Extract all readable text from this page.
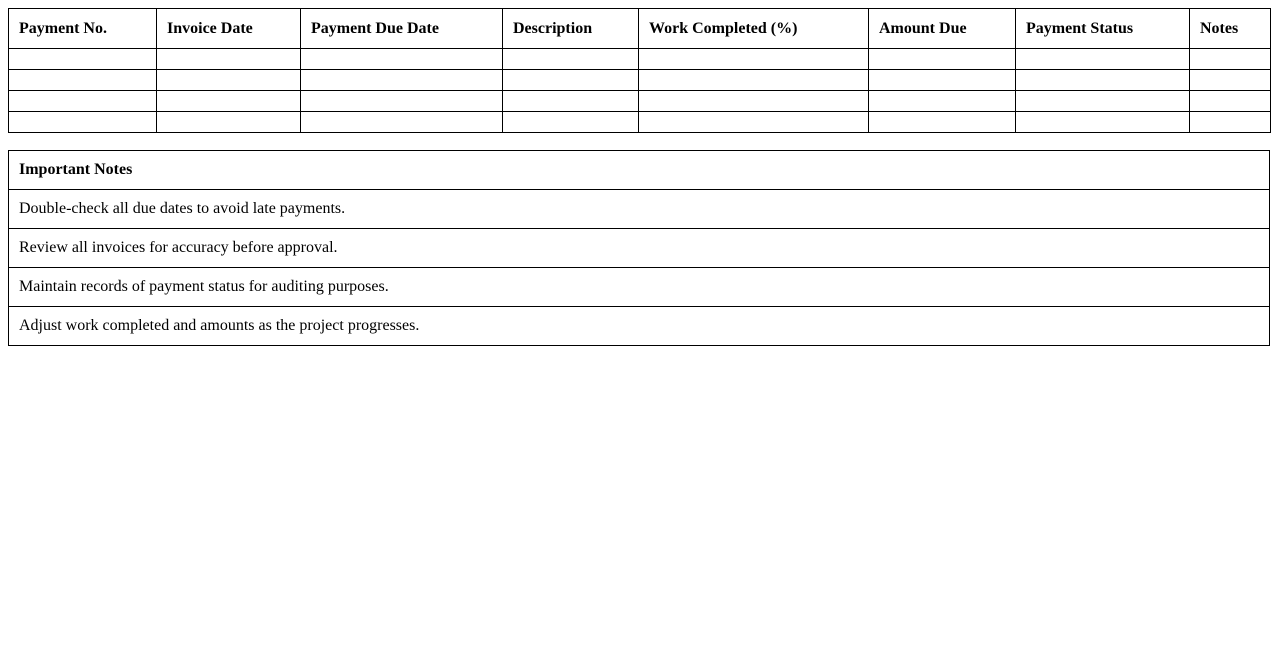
Payment No.	Invoice Date	Payment Due Date	Description	Work Completed (%)	Amount Due	Payment Status	Notes

Important Notes
Double-check all due dates to avoid late payments.
Review all invoices for accuracy before approval.
Maintain records of payment status for auditing purposes.
Adjust work completed and amounts as the project progresses.
